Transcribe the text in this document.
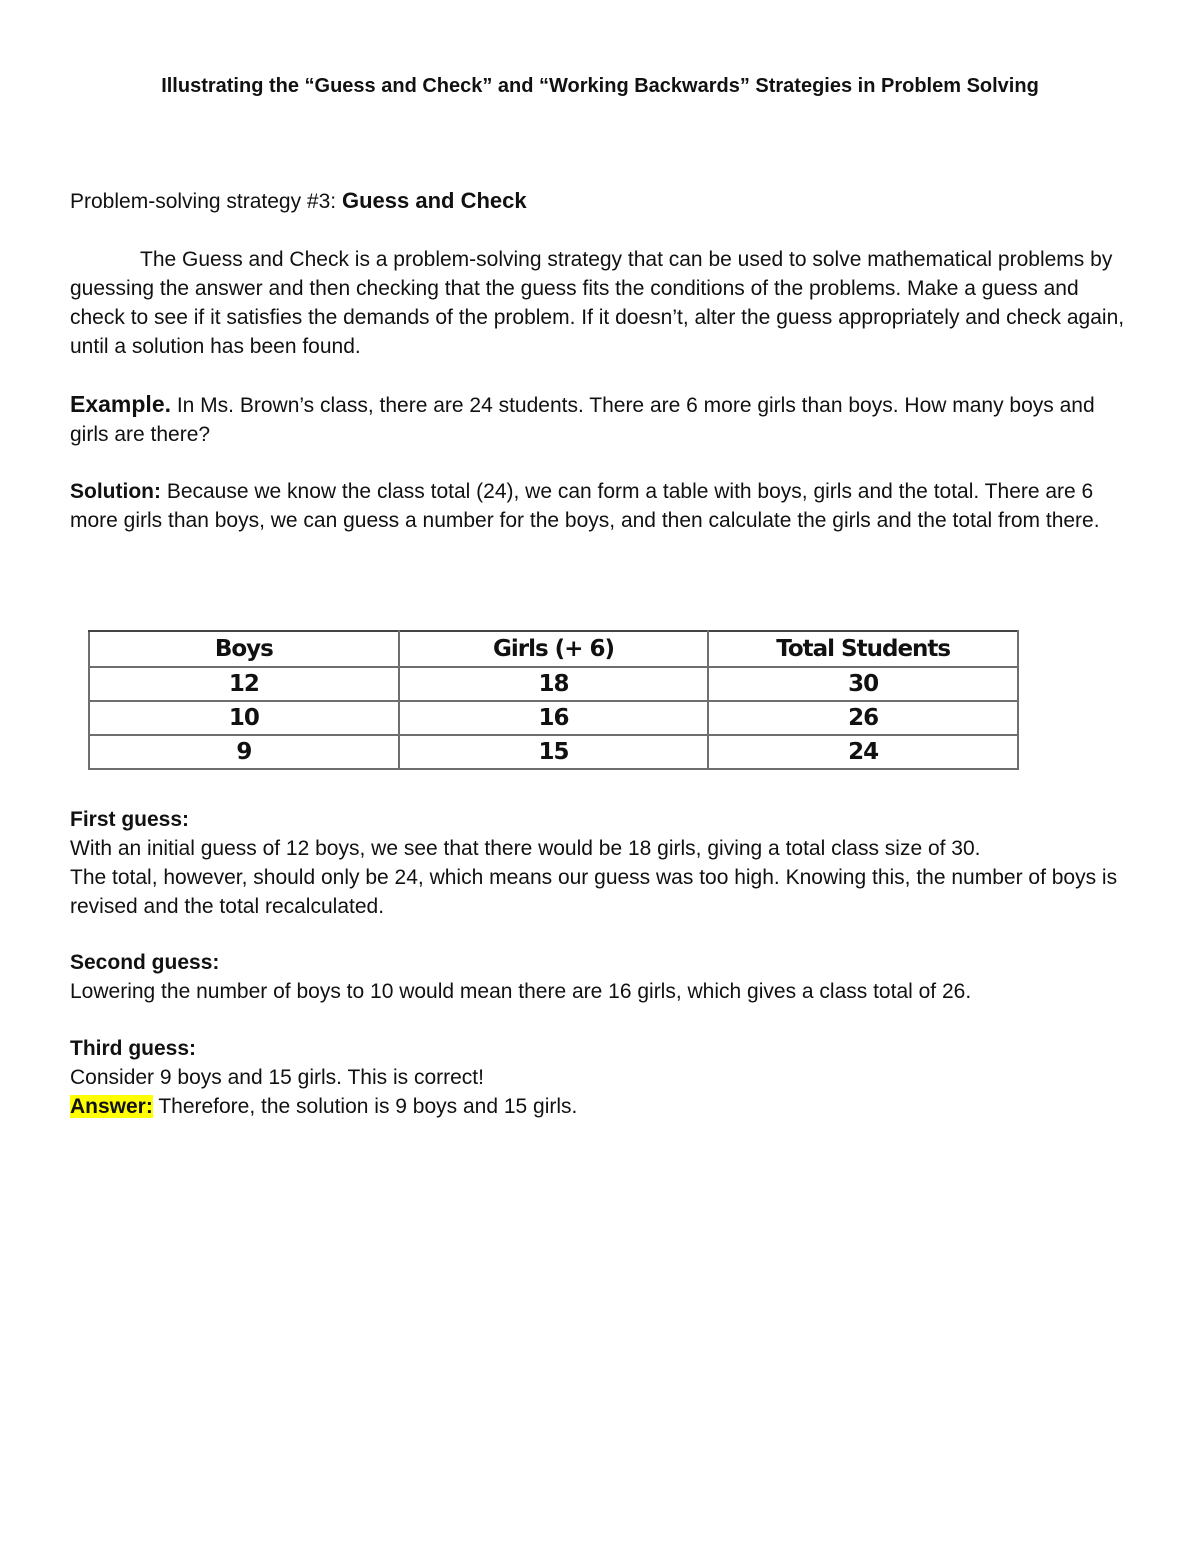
Illustrating the “Guess and Check” and “Working Backwards” Strategies in Problem Solving
Problem-solving strategy #3: Guess and Check
The Guess and Check is a problem-solving strategy that can be used to solve mathematical problems by guessing the answer and then checking that the guess fits the conditions of the problems. Make a guess and check to see if it satisfies the demands of the problem. If it doesn’t, alter the guess appropriately and check again, until a solution has been found.
Example. In Ms. Brown’s class, there are 24 students. There are 6 more girls than boys. How many boys and girls are there?
Solution: Because we know the class total (24), we can form a table with boys, girls and the total. There are 6 more girls than boys, we can guess a number for the boys, and then calculate the girls and the total from there.
Boys	Girls (+ 6)	Total Students
12	18	30
10	16	26
9	15	24
First guess:
With an initial guess of 12 boys, we see that there would be 18 girls, giving a total class size of 30.
The total, however, should only be 24, which means our guess was too high. Knowing this, the number of boys is revised and the total recalculated.
Second guess:
Lowering the number of boys to 10 would mean there are 16 girls, which gives a class total of 26.
Third guess:
Consider 9 boys and 15 girls. This is correct!
Answer: Therefore, the solution is 9 boys and 15 girls.
